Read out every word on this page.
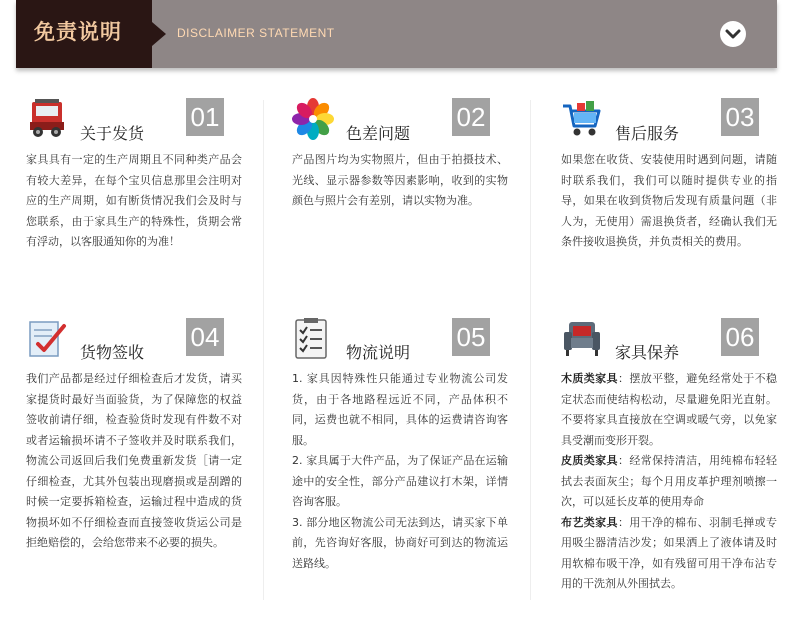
免责说明	DISCLAIMER STATEMENT
关于发货
01
家具具有一定的生产周期且不同种类产品会有较大差异，在每个宝贝信息那里会注明对应的生产周期，如有断货情况我们会及时与您联系，由于家具生产的特殊性，货期会常有浮动，以客服通知你的为准！
色差问题
02
产品图片均为实物照片，但由于拍摄技术、光线、显示器参数等因素影响，收到的实物颜色与照片会有差别，请以实物为准。
售后服务
03
如果您在收货、安装使用时遇到问题，请随时联系我们，我们可以随时提供专业的指导，如果在收到货物后发现有质量问题（非人为，无使用）需退换货者，经确认我们无条件接收退换货，并负责相关的费用。
货物签收
04
我们产品都是经过仔细检查后才发货，请买家提货时最好当面验货，为了保障您的权益签收前请仔细，检查验货时发现有件数不对或者运输损坏请不子签收并及时联系我们，物流公司返回后我们免费重新发货［请一定仔细检查，尤其外包装出现磨损或是刮蹭的时候一定要拆箱检查，运输过程中造成的货物损坏如不仔细检查而直接签收货运公司是拒绝赔偿的，会给您带来不必要的损失。
物流说明
05

1. 家具因特殊性只能通过专业物流公司发货，由于各地路程远近不同，产品体积不同，运费也就不相同，具体的运费请咨询客服。

2. 家具属于大件产品，为了保证产品在运输途中的安全性，部分产品建议打木架，详情咨询客服。

3. 部分地区物流公司无法到达，请买家下单前，先咨询好客服，协商好可到达的物流运送路线。

家具保养
06

木质类家具：摆放平整，避免经常处于不稳定状态而使结构松动，尽量避免阳光直射。不要将家具直接放在空调或暖气旁，以免家具受潮而变形开裂。

皮质类家具：经常保持清洁，用纯棉布轻轻拭去表面灰尘；每个月用皮革护理剂喷擦一次，可以延长皮革的使用寿命

布艺类家具：用干净的棉布、羽制毛掸或专用吸尘器清洁沙发；如果洒上了液体请及时用软棉布吸干净，如有残留可用干净布沾专用的干洗剂从外围拭去。
